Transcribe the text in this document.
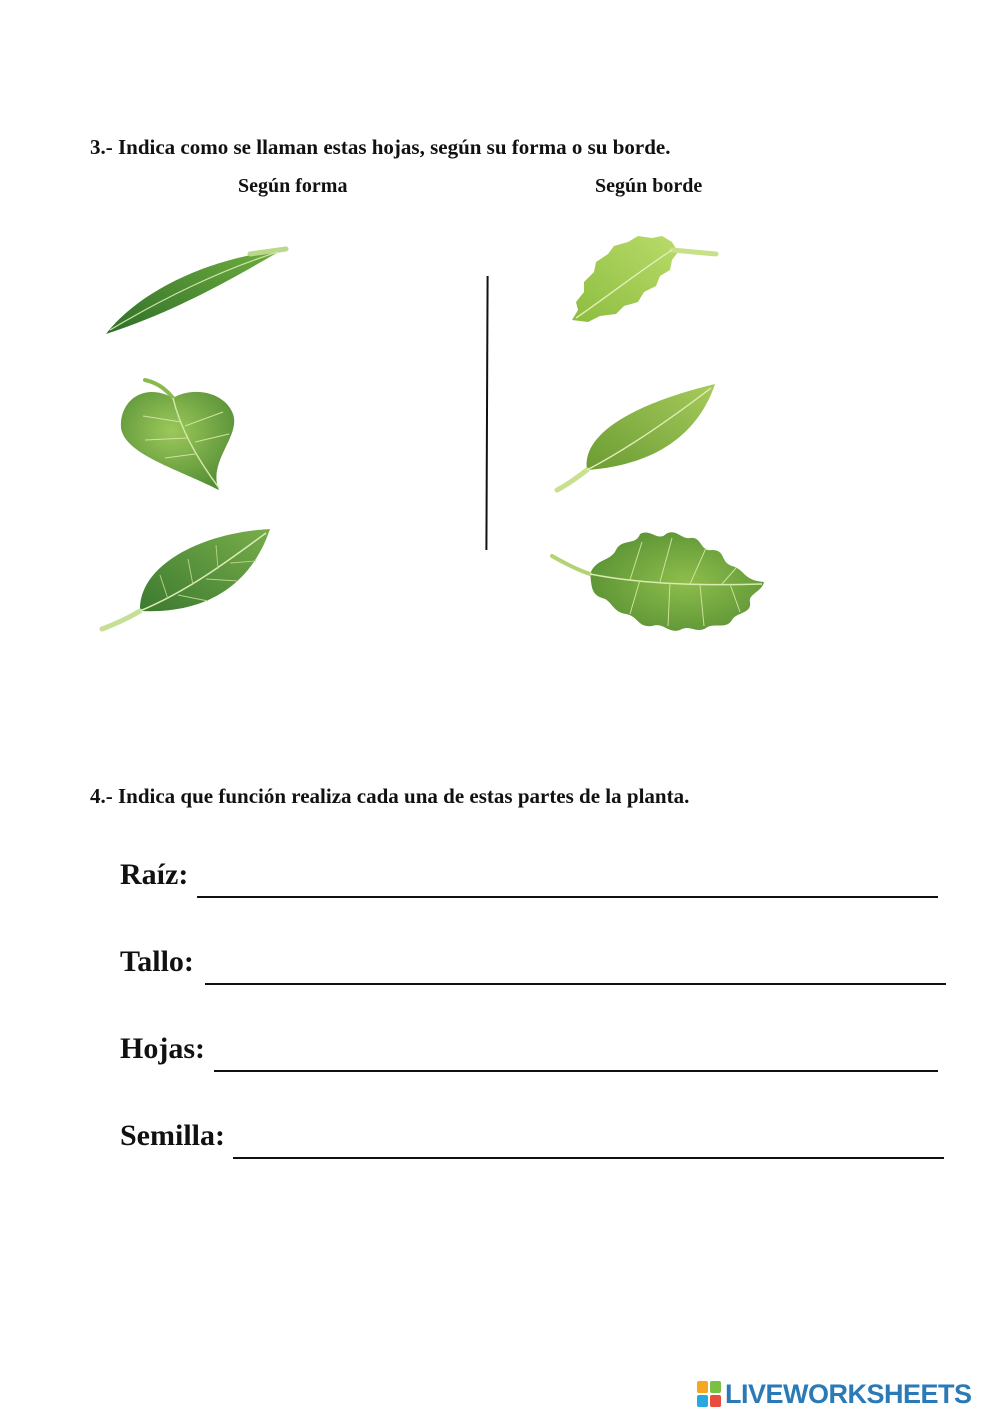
3.- Indica como se llaman estas hojas, según su forma o su borde.
Según forma	Según borde
4.- Indica que función realiza cada una de estas partes de la planta.
Raíz:
Tallo:
Hojas:
Semilla:
LIVEWORKSHEETS
